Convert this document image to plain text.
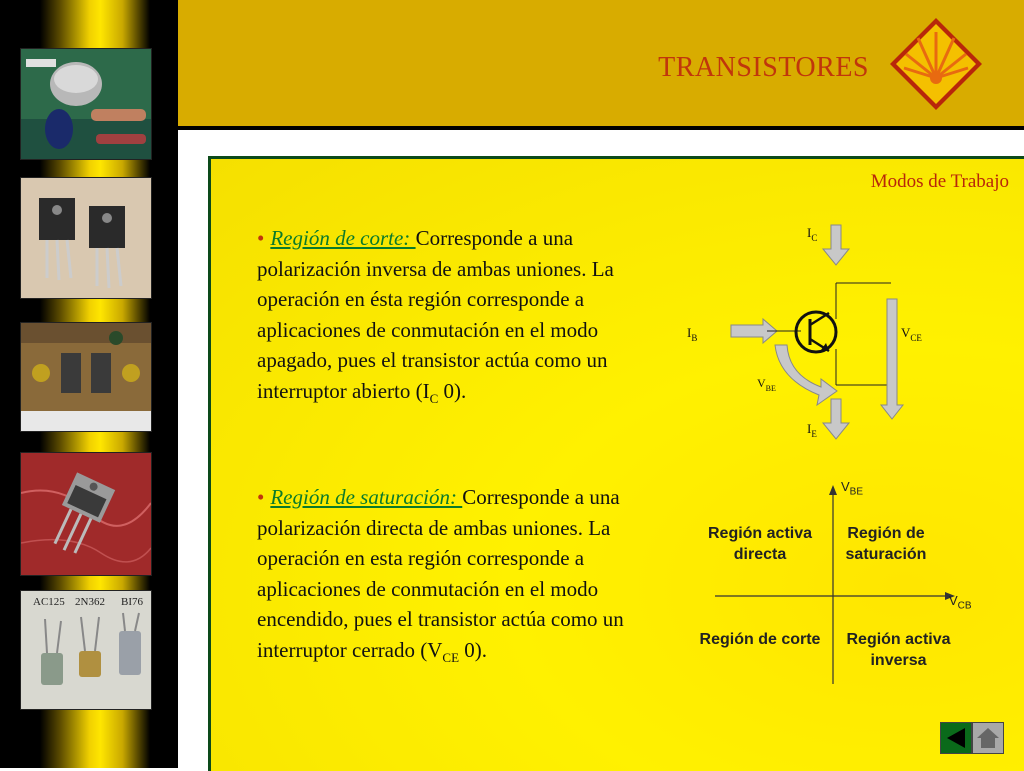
AC125 2N362 BI76
TRANSISTORES
Modos de Trabajo
• Región de corte: Corresponde a una polarización inversa de ambas uniones. La operación en ésta región corresponde a aplicaciones de conmutación en el modo apagado, pues el transistor actúa como un interruptor abierto ($I_C$ 0).
• Región de saturación: Corresponde a una polarización directa de ambas uniones. La operación en esta región corresponde a aplicaciones de conmutación en el modo encendido, pues el transistor actúa como un interruptor cerrado ($V_{CE}$ 0).
$I_C$
$I_B$	$V_{CE}$
$V_{BE}$
$I_E$
$V_{BE}$
$V_{CB}$
Región activa directa
Región de saturación
Región de corte	Región activa inversa
